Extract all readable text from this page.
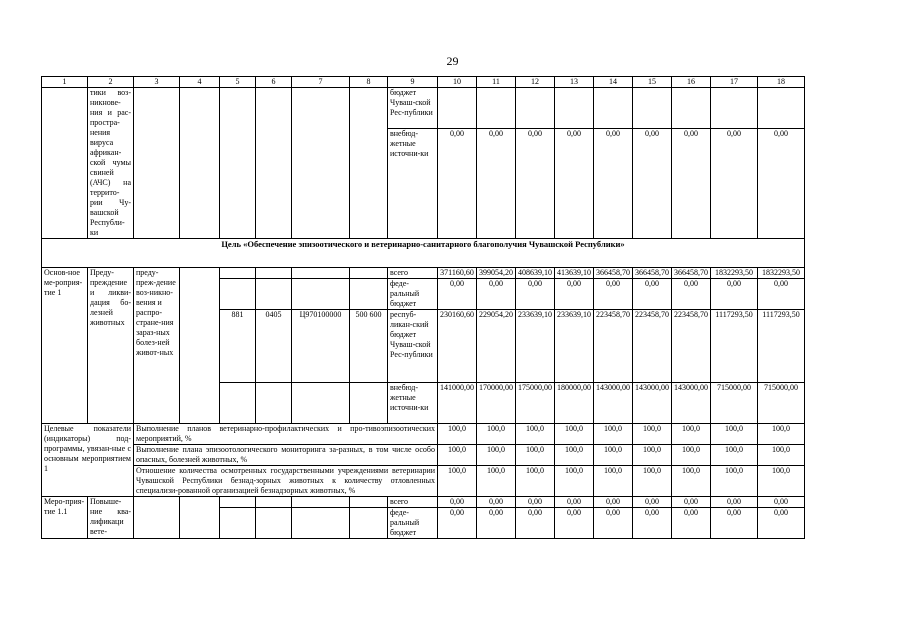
29
1	2	3	4	5	6	7	8	9	10	11	12	13	14	15	16	17	18
	тики воз-никнове-ния и рас-простра-нения вируса африкан-ской чумы свиней (АЧС) на террито-рии Чу-вашской Республи-ки							бюджет Чуваш-ской Рес-публики									
								внебюд-жетные источни-ки	0,00	0,00	0,00	0,00	0,00	0,00	0,00	0,00	0,00
Цель «Обеспечение эпизоотического и ветеринарно-санитарного благополучия Чувашской Республики»																	
Основ-ное ме-роприя-тие 1	Преду-преждение и ликви-дация бо-лезней животных	преду-преж-дение воз-никно-вения и распро-стране-ния зараз-ных болез-ней живот-ных						всего	371160,60	399054,20	408639,10	413639,10	366458,70	366458,70	366458,70	1832293,50	1832293,50
								феде-ральный бюджет	0,00	0,00	0,00	0,00	0,00	0,00	0,00	0,00	0,00
				881	0405	Ц970100000	500 600	респуб-ликан-ский бюджет Чуваш-ской Рес-публики	230160,60	229054,20	233639,10	233639,10	223458,70	223458,70	223458,70	1117293,50	1117293,50
								внебюд-жетные источни-ки	141000,00	170000,00	175000,00	180000,00	143000,00	143000,00	143000,00	715000,00	715000,00
Целевые показатели (индикаторы) под-программы, увязан-ные с основным мероприятием 1		Выполнение планов ветеринарно-профилактических и про-тивоэпизоотических мероприятий, %							100,0	100,0	100,0	100,0	100,0	100,0	100,0	100,0	100,0
		Выполнение плана эпизоотологического мониторинга за-разных, в том числе особо опасных, болезней животных, %							100,0	100,0	100,0	100,0	100,0	100,0	100,0	100,0	100,0
		Отношение количества осмотренных государственными учреждениями ветеринарии Чувашской Республики безнад-зорных животных к количеству отловленных специализи-рованной организацией безнадзорных животных, %							100,0	100,0	100,0	100,0	100,0	100,0	100,0	100,0	100,0
Меро-прия-тие 1.1	Повыше-ние ква-лификаци вете-							всего	0,00	0,00	0,00	0,00	0,00	0,00	0,00	0,00	0,00
								феде-ральный бюджет	0,00	0,00	0,00	0,00	0,00	0,00	0,00	0,00	0,00
